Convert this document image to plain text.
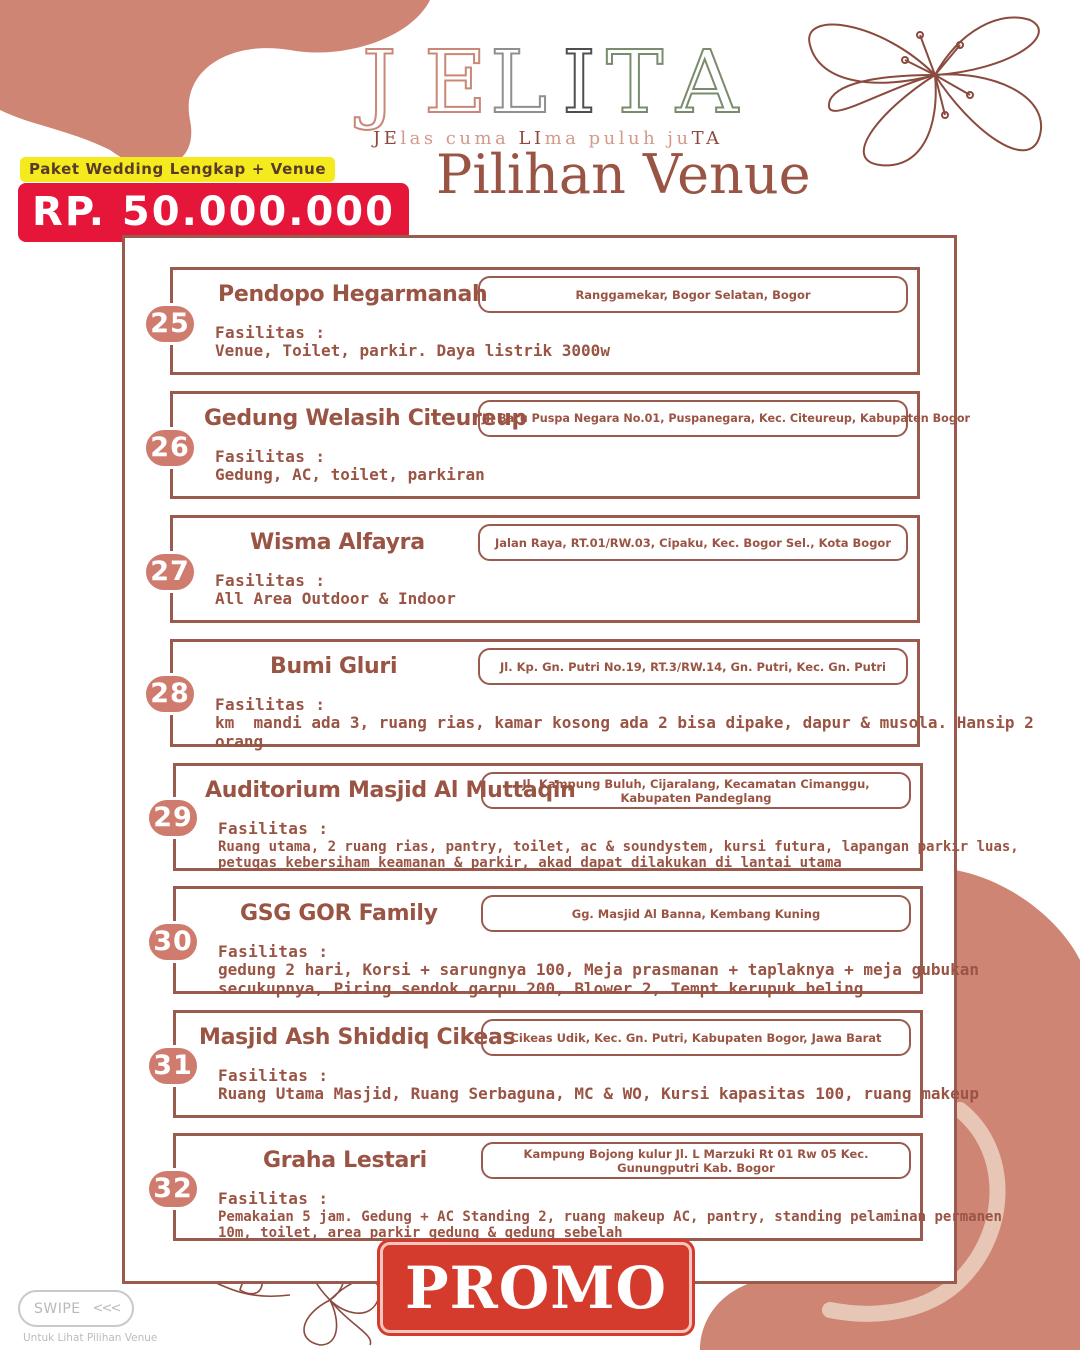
J E L I T A
JElas cuma LIma puluh juTA
Pilihan Venue
Paket Wedding Lengkap + Venue
RP. 50.000.000
Pendopo Hegarmanah	Ranggamekar, Bogor Selatan, Bogor
Fasilitas :
Venue, Toilet, parkir. Daya listrik 3000w
25
Gedung Welasih Citeureup
Jl. Baru Puspa Negara No.01, Puspanegara, Kec. Citeureup, Kabupaten Bogor
Fasilitas :
Gedung, AC, toilet, parkiran
26
Wisma Alfayra	Jalan Raya, RT.01/RW.03, Cipaku, Kec. Bogor Sel., Kota Bogor
Fasilitas :
All Area Outdoor & Indoor
27
Bumi Gluri	Jl. Kp. Gn. Putri No.19, RT.3/RW.14, Gn. Putri, Kec. Gn. Putri
Fasilitas :
km  mandi ada 3, ruang rias, kamar kosong ada 2 bisa dipake, dapur & musola. Hansip 2
orang
28
Auditorium Masjid Al Muttaqin
Jl. Kampung Buluh, Cijaralang, Kecamatan Cimanggu, Kabupaten Pandeglang
Fasilitas :
Ruang utama, 2 ruang rias, pantry, toilet, ac & soundystem, kursi futura, lapangan parkir luas,
petugas kebersiham keamanan & parkir, akad dapat dilakukan di lantai utama
29
GSG GOR Family	Gg. Masjid Al Banna, Kembang Kuning
Fasilitas :
gedung 2 hari, Korsi + sarungnya 100, Meja prasmanan + taplaknya + meja gubukan
secukupnya, Piring sendok garpu 200, Blower 2, Tempt kerupuk beling
30
Masjid Ash Shiddiq Cikeas
Cikeas Udik, Kec. Gn. Putri, Kabupaten Bogor, Jawa Barat
Fasilitas :
Ruang Utama Masjid, Ruang Serbaguna, MC & WO, Kursi kapasitas 100, ruang makeup
31
Graha Lestari	Kampung Bojong kulur Jl. L Marzuki Rt 01 Rw 05 Kec. Gunungputri Kab. Bogor
Fasilitas :
Pemakaian 5 jam. Gedung + AC Standing 2, ruang makeup AC, pantry, standing pelaminan permanen
10m, toilet, area parkir gedung & gedung sebelah
32
PROMO
SWIPE <<<
Untuk Lihat Pilihan Venue
